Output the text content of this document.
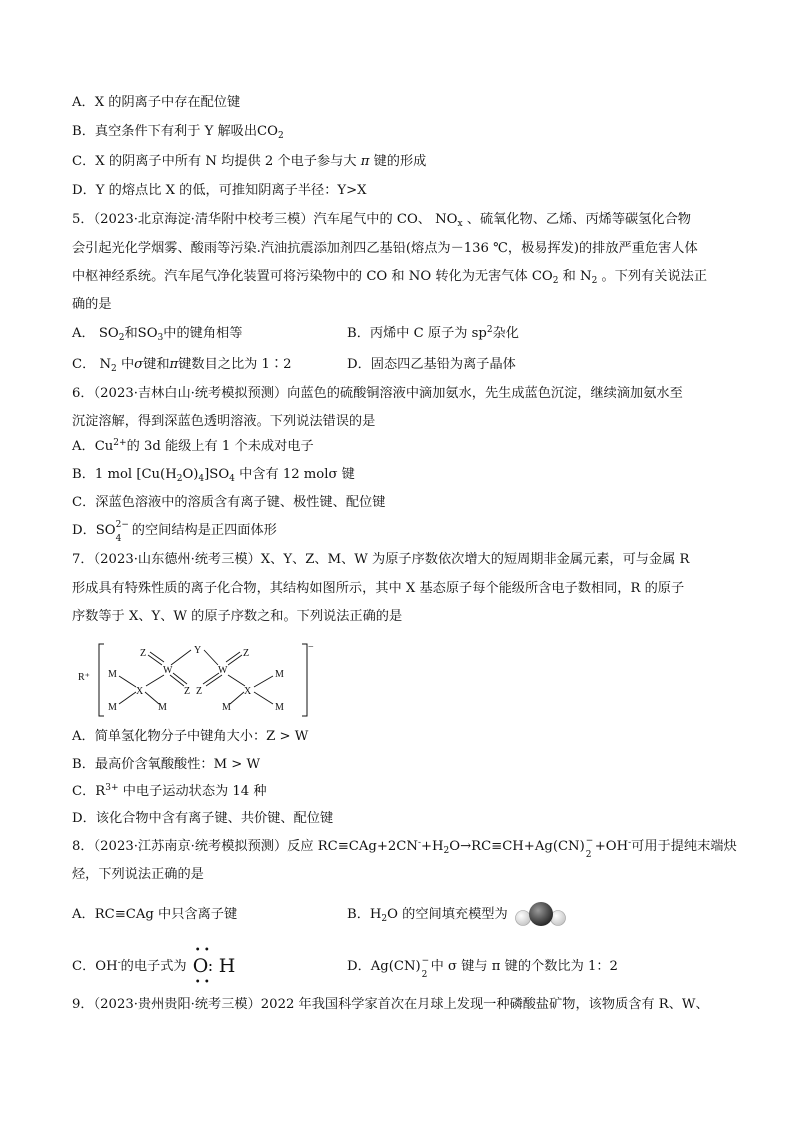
A．X 的阴离子中存在配位键
B．真空条件下有利于 Y 解吸出$CO_2$
C．X 的阴离子中所有 N 均提供 2 个电子参与大 π 键的形成
D．Y 的熔点比 X 的低，可推知阴离子半径：Y>X
5．（2023·北京海淀·清华附中校考三模）汽车尾气中的 CO、 $NO_x$ 、硫氧化物、乙烯、丙烯等碳氢化合物
会引起光化学烟雾、酸雨等污染.汽油抗震添加剂四乙基铅(熔点为－136 ℃，极易挥发)的排放严重危害人体
中枢神经系统。汽车尾气净化装置可将污染物中的 CO 和 NO 转化为无害气体 $CO_2$ 和 $N_2$ 。下列有关说法正
确的是
A． $SO_2$和$SO_3$中的键角相等	B．丙烯中 C 原子为 $sp^2$杂化
C． $N_2$ 中σ键和π键数目之比为 1∶2	D．固态四乙基铅为离子晶体
6．（2023·吉林白山·统考模拟预测）向蓝色的硫酸铜溶液中滴加氨水，先生成蓝色沉淀，继续滴加氨水至
沉淀溶解，得到深蓝色透明溶液。下列说法错误的是
A．$Cu^{2+}$的 3d 能级上有 1 个未成对电子
B．1 mol $[Cu(H_2O)_4]SO_4$ 中含有 12 molσ 键
C．深蓝色溶液中的溶质含有离子键、极性键、配位键
D．SO 2−
4
的空间结构是正四面体形
7．（2023·山东德州·统考三模）X、Y、Z、M、W 为原子序数依次增大的短周期非金属元素，可与金属 R
形成具有特殊性质的离子化合物，其结构如图所示，其中 X 基态原子每个能级所含电子数相同，R 的原子
序数等于 X、Y、W 的原子序数之和。下列说法正确的是
R⁺
−
Z	Y	Z
W	W
M	M
X	X
Z Z
M	M	M	M
A．简单氢化物分子中键角大小：Z > W
B．最高价含氧酸酸性：M > W
C．$R^{3+}$ 中电子运动状态为 14 种
D．该化合物中含有离子键、共价键、配位键
8．（2023·江苏南京·统考模拟预测）反应 $RC\equiv CAg+2CN^-+H_2O\to RC\equiv CH+Ag(CN)$ −
2
+OH-可用于提纯末端炔
烃，下列说法正确的是
A．RC≡CAg 中只含离子键	B．$H_2O$ 的空间填充模型为
C．OH-的电子式为
• •
• •
O : H	D．Ag(CN) −
2
中 σ 键与 π 键的个数比为 1：2
9．（2023·贵州贵阳·统考三模）2022 年我国科学家首次在月球上发现一种磷酸盐矿物，该物质含有 R、W、
